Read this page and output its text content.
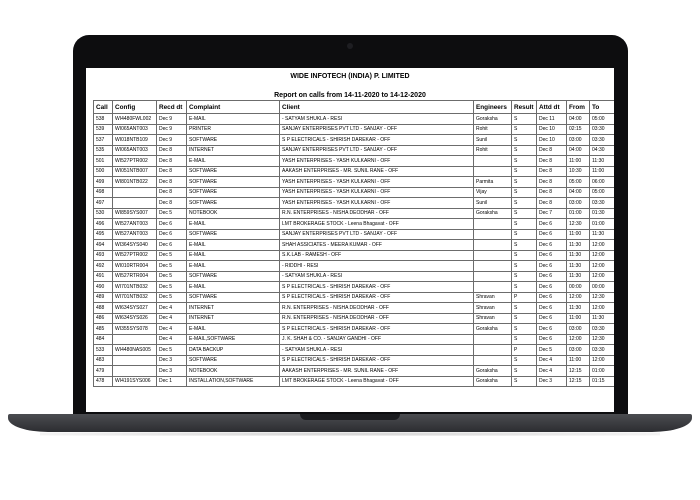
WIDE INFOTECH (INDIA) P. LIMITED
Report on calls from 14-11-2020 to 14-12-2020
Call	Config	Recd dt	Complaint	Client	Engineers	Result	Attd dt	From	To
538	WI4480FWL002	Dec 9	E-MAIL	- SATYAM SHUKLA - RESI	Goraksha	S	Dec 11	04:00	05:00
539	WI065ANT003	Dec 9	PRINTER	SANJAY ENTERPRISES PVT LTD - SANJAY - OFF	Rohit	S	Dec 10	02:15	03:30
537	WI018NTB109	Dec 9	SOFTWARE	S P ELECTRICALS - SHIRISH DAREKAR - OFF	Sunil	S	Dec 10	03:00	03:30
535	WI065ANT003	Dec 8	INTERNET	SANJAY ENTERPRISES PVT LTD - SANJAY - OFF	Rohit	S	Dec 8	04:00	04:30
501	WI527PTR002	Dec 8	E-MAIL	YASH ENTERPRISES - YASH KULKARNI - OFF		S	Dec 8	11:00	11:30
500	WI051NTB007	Dec 8	SOFTWARE	AAKASH ENTERPRISES - MR. SUNIL RANE - OFF		S	Dec 8	10:30	11:00
499	WI801NTB022	Dec 8	SOFTWARE	YASH ENTERPRISES - YASH KULKARNI - OFF	Parmita	S	Dec 8	05:00	06:00
498		Dec 8	SOFTWARE	YASH ENTERPRISES - YASH KULKARNI - OFF	Vijay	S	Dec 8	04:00	05:00
497		Dec 8	SOFTWARE	YASH ENTERPRISES - YASH KULKARNI - OFF	Sunil	S	Dec 8	03:00	03:30
530	WI859SYS007	Dec 5	NOTEBOOK	R.N. ENTERPRISES - NISHA DEODHAR - OFF	Goraksha	S	Dec 7	01:00	01:30
496	WI527ANT003	Dec 6	E-MAIL	LMT BROKERAGE STOCK - Leena Bhagavat - OFF		S	Dec 6	12:30	01:00
495	WI527ANT003	Dec 6	SOFTWARE	SANJAY ENTERPRISES PVT LTD - SANJAY - OFF		S	Dec 6	11:00	11:30
494	WI364SYS040	Dec 6	E-MAIL	SHAH ASSICIATES - MEERA KUMAR - OFF		S	Dec 6	11:30	12:00
493	WI527PTR002	Dec 5	E-MAIL	S.K.LAB - RAMESH - OFF		S	Dec 6	11:30	12:00
492	WI010RTR004	Dec 5	E-MAIL	- RIDDHI - RESI		S	Dec 6	11:30	12:00
491	WI527RTR004	Dec 5	SOFTWARE	- SATYAM SHUKLA - RESI		S	Dec 6	11:30	12:00
490	WI701NTB032	Dec 5	E-MAIL	S P ELECTRICALS - SHIRISH DAREKAR - OFF		S	Dec 6	00:00	00:00
489	WI701NTB032	Dec 5	SOFTWARE	S P ELECTRICALS - SHIRISH DAREKAR - OFF	Shravan	P	Dec 6	12:00	12:30
488	WI634SYS027	Dec 4	INTERNET	R.N. ENTERPRISES - NISHA DEODHAR - OFF	Shravan	S	Dec 6	11:30	12:00
486	WI634SYS026	Dec 4	INTERNET	R.N. ENTERPRISES - NISHA DEODHAR - OFF	Shravan	S	Dec 6	11:00	11:30
485	WI355SYS078	Dec 4	E-MAIL	S P ELECTRICALS - SHIRISH DAREKAR - OFF	Goraksha	S	Dec 6	03:00	03:30
484		Dec 4	E-MAIL,SOFTWARE	J. K. SHAH & CO. - SANJAY GANDHI - OFF		S	Dec 6	12:00	12:30
533	WI4480NAS005	Dec 5	DATA BACKUP	- SATYAM SHUKLA - RESI		P	Dec 5	03:00	03:30
483		Dec 3	SOFTWARE	S P ELECTRICALS - SHIRISH DAREKAR - OFF		S	Dec 4	11:00	12:00
479		Dec 3	NOTEBOOK	AAKASH ENTERPRISES - MR. SUNIL RANE - OFF	Goraksha	S	Dec 4	12:15	01:00
478	WI4191SYS006	Dec 1	INSTALLATION,SOFTWARE	LMT BROKERAGE STOCK - Leena Bhagavat - OFF	Goraksha	S	Dec 3	12:15	01:15
